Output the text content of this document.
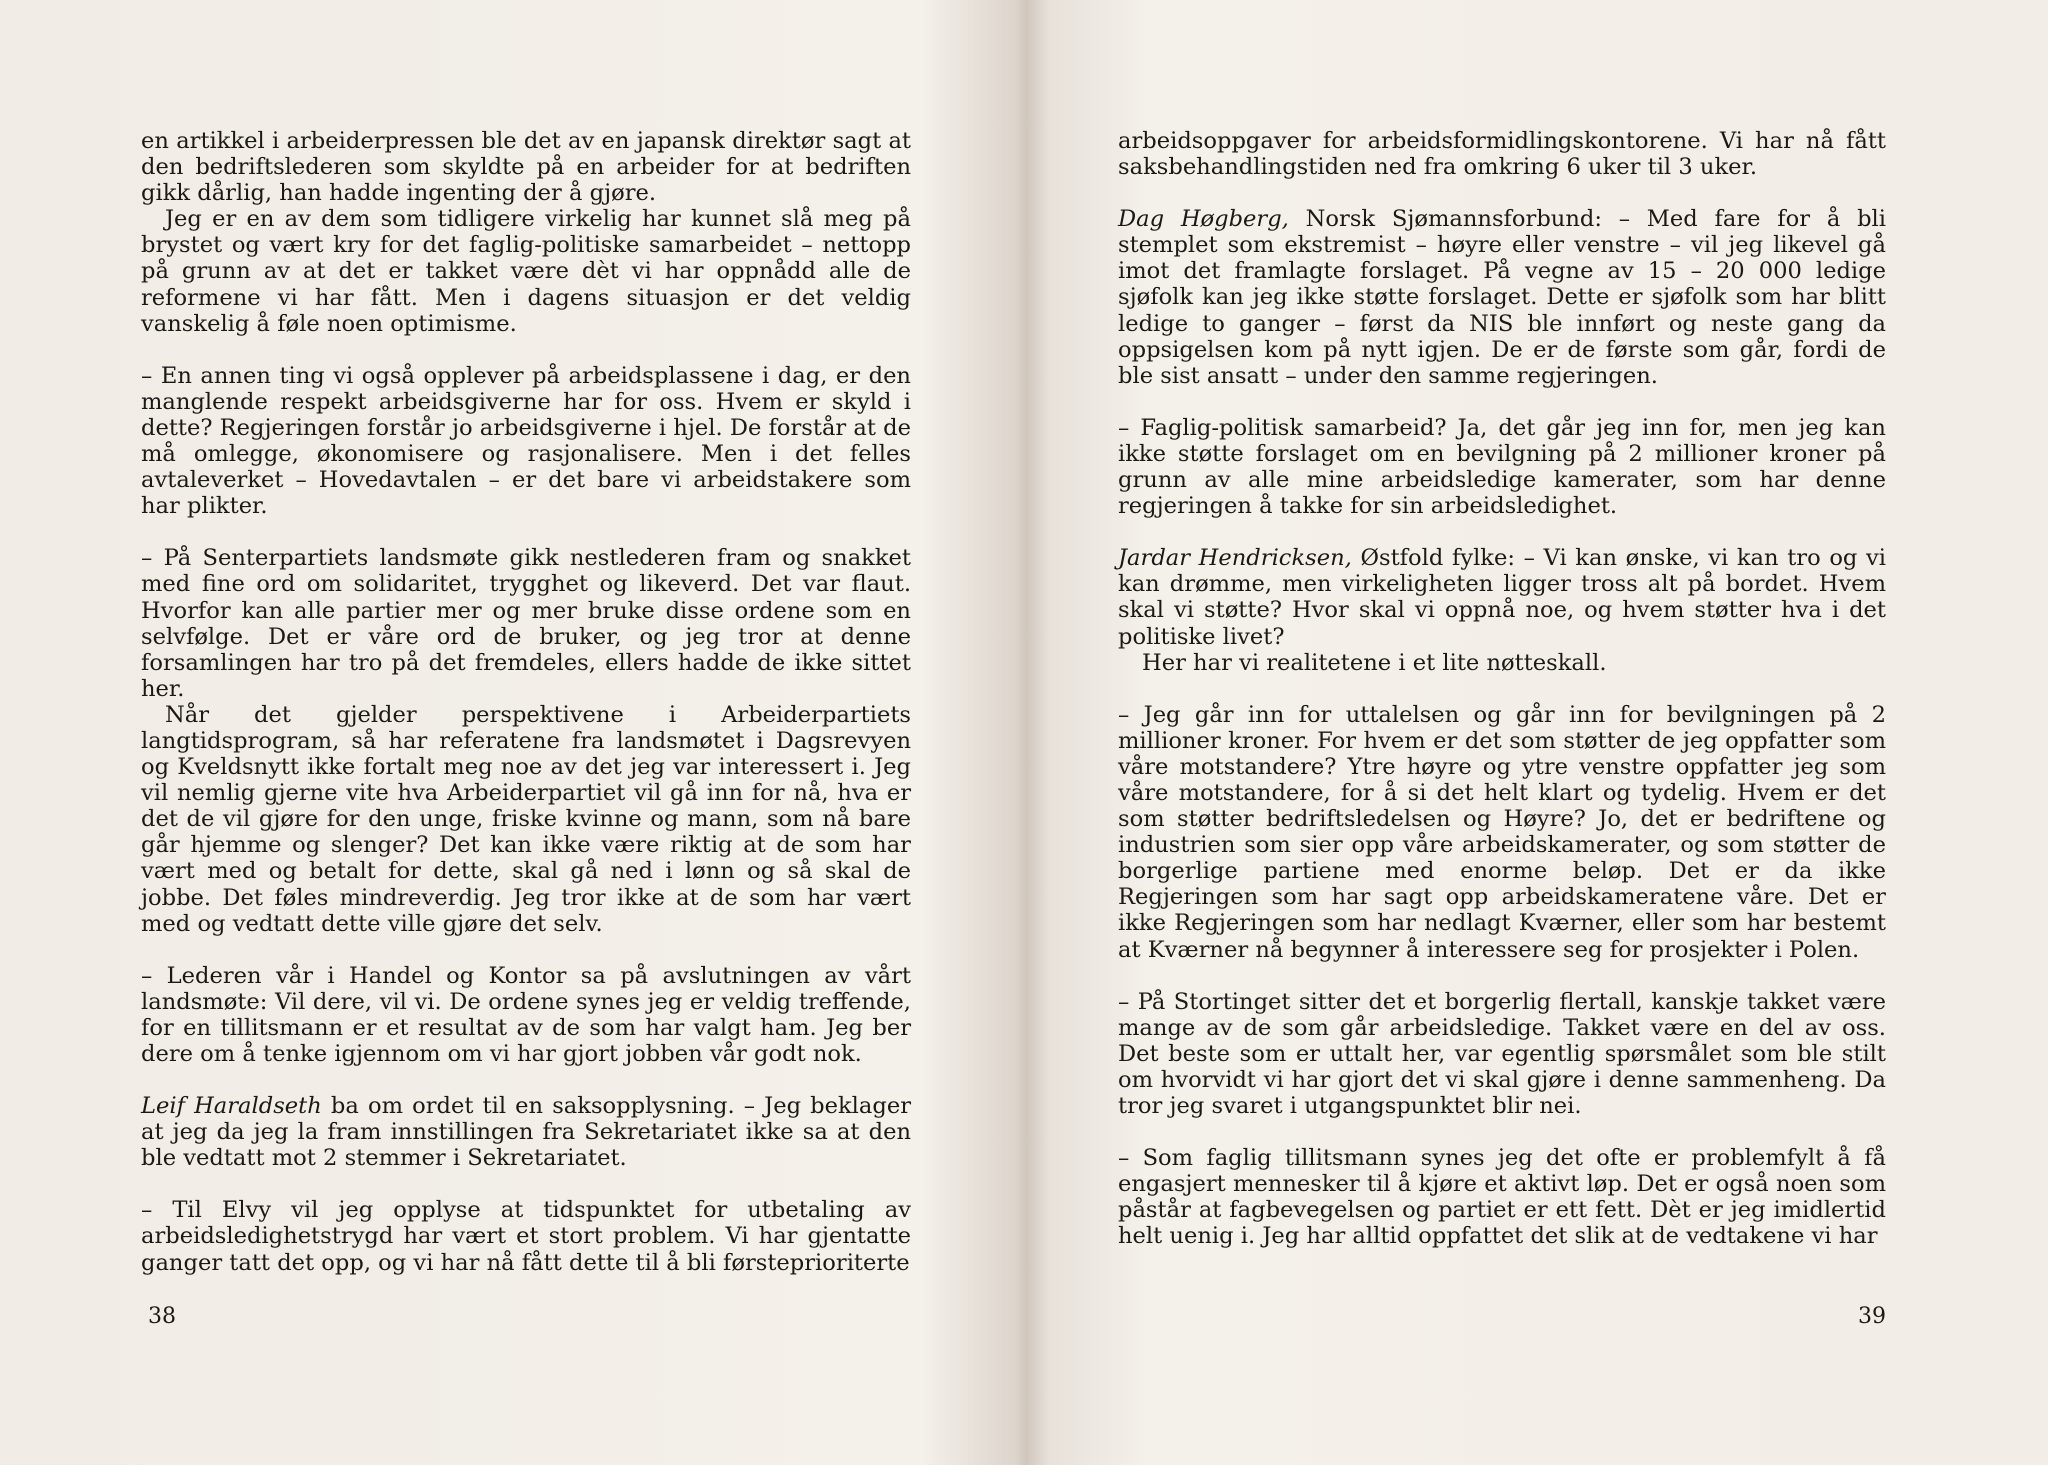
en artikkel i arbeiderpressen ble det av en japansk direktør sagt at den bedriftslederen som skyldte på en arbeider for at bedriften gikk dårlig, han hadde ingenting der å gjøre.

Jeg er en av dem som tidligere virkelig har kunnet slå meg på brystet og vært kry for det faglig-politiske samarbeidet – nettopp på grunn av at det er takket være dèt vi har oppnådd alle de reformene vi har fått. Men i dagens situasjon er det veldig vanskelig å føle noen optimisme.

– En annen ting vi også opplever på arbeidsplassene i dag, er den manglende respekt arbeidsgiverne har for oss. Hvem er skyld i dette? Regjeringen forstår jo arbeidsgiverne i hjel. De forstår at de må omlegge, økonomisere og rasjonalisere. Men i det felles avtaleverket – Hovedavtalen – er det bare vi arbeidstakere som har plikter.

– På Senterpartiets landsmøte gikk nestlederen fram og snakket med fine ord om solidaritet, trygghet og likeverd. Det var flaut. Hvorfor kan alle partier mer og mer bruke disse ordene som en selvfølge. Det er våre ord de bruker, og jeg tror at denne forsamlingen har tro på det fremdeles, ellers hadde de ikke sittet her.

Når det gjelder perspektivene i Arbeiderpartiets langtidsprogram, så har referatene fra landsmøtet i Dagsrevyen og Kveldsnytt ikke fortalt meg noe av det jeg var interessert i. Jeg vil nemlig gjerne vite hva Arbeiderpartiet vil gå inn for nå, hva er det de vil gjøre for den unge, friske kvinne og mann, som nå bare går hjemme og slenger? Det kan ikke være riktig at de som har vært med og betalt for dette, skal gå ned i lønn og så skal de jobbe. Det føles mindreverdig. Jeg tror ikke at de som har vært med og vedtatt dette ville gjøre det selv.

– Lederen vår i Handel og Kontor sa på avslutningen av vårt landsmøte: Vil dere, vil vi. De ordene synes jeg er veldig treffende, for en tillitsmann er et resultat av de som har valgt ham. Jeg ber dere om å tenke igjennom om vi har gjort jobben vår godt nok.

Leif Haraldseth ba om ordet til en saksopplysning. – Jeg beklager at jeg da jeg la fram innstillingen fra Sekretariatet ikke sa at den ble vedtatt mot 2 stemmer i Sekretariatet.

– Til Elvy vil jeg opplyse at tidspunktet for utbetaling av arbeidsledighetstrygd har vært et stort problem. Vi har gjentatte ganger tatt det opp, og vi har nå fått dette til å bli førsteprioriterte

38

arbeidsoppgaver for arbeidsformidlingskontorene. Vi har nå fått saksbehandlingstiden ned fra omkring 6 uker til 3 uker.

Dag Høgberg, Norsk Sjømannsforbund: – Med fare for å bli stemplet som ekstremist – høyre eller venstre – vil jeg likevel gå imot det framlagte forslaget. På vegne av 15 – 20 000 ledige sjøfolk kan jeg ikke støtte forslaget. Dette er sjøfolk som har blitt ledige to ganger – først da NIS ble innført og neste gang da oppsigelsen kom på nytt igjen. De er de første som går, fordi de ble sist ansatt – under den samme regjeringen.

– Faglig-politisk samarbeid? Ja, det går jeg inn for, men jeg kan ikke støtte forslaget om en bevilgning på 2 millioner kroner på grunn av alle mine arbeidsledige kamerater, som har denne regjeringen å takke for sin arbeidsledighet.

Jardar Hendricksen, Østfold fylke: – Vi kan ønske, vi kan tro og vi kan drømme, men virkeligheten ligger tross alt på bordet. Hvem skal vi støtte? Hvor skal vi oppnå noe, og hvem støtter hva i det politiske livet?

Her har vi realitetene i et lite nøtteskall.

– Jeg går inn for uttalelsen og går inn for bevilgningen på 2 millioner kroner. For hvem er det som støtter de jeg oppfatter som våre motstandere? Ytre høyre og ytre venstre oppfatter jeg som våre motstandere, for å si det helt klart og tydelig. Hvem er det som støtter bedriftsledelsen og Høyre? Jo, det er bedriftene og industrien som sier opp våre arbeidskamerater, og som støtter de borgerlige partiene med enorme beløp. Det er da ikke Regjeringen som har sagt opp arbeidskameratene våre. Det er ikke Regjeringen som har nedlagt Kværner, eller som har bestemt at Kværner nå begynner å interessere seg for prosjekter i Polen.

– På Stortinget sitter det et borgerlig flertall, kanskje takket være mange av de som går arbeidsledige. Takket være en del av oss. Det beste som er uttalt her, var egentlig spørsmålet som ble stilt om hvorvidt vi har gjort det vi skal gjøre i denne sammenheng. Da tror jeg svaret i utgangspunktet blir nei.

– Som faglig tillitsmann synes jeg det ofte er problemfylt å få engasjert mennesker til å kjøre et aktivt løp. Det er også noen som påstår at fagbevegelsen og partiet er ett fett. Dèt er jeg imidlertid helt uenig i. Jeg har alltid oppfattet det slik at de vedtakene vi har

39
